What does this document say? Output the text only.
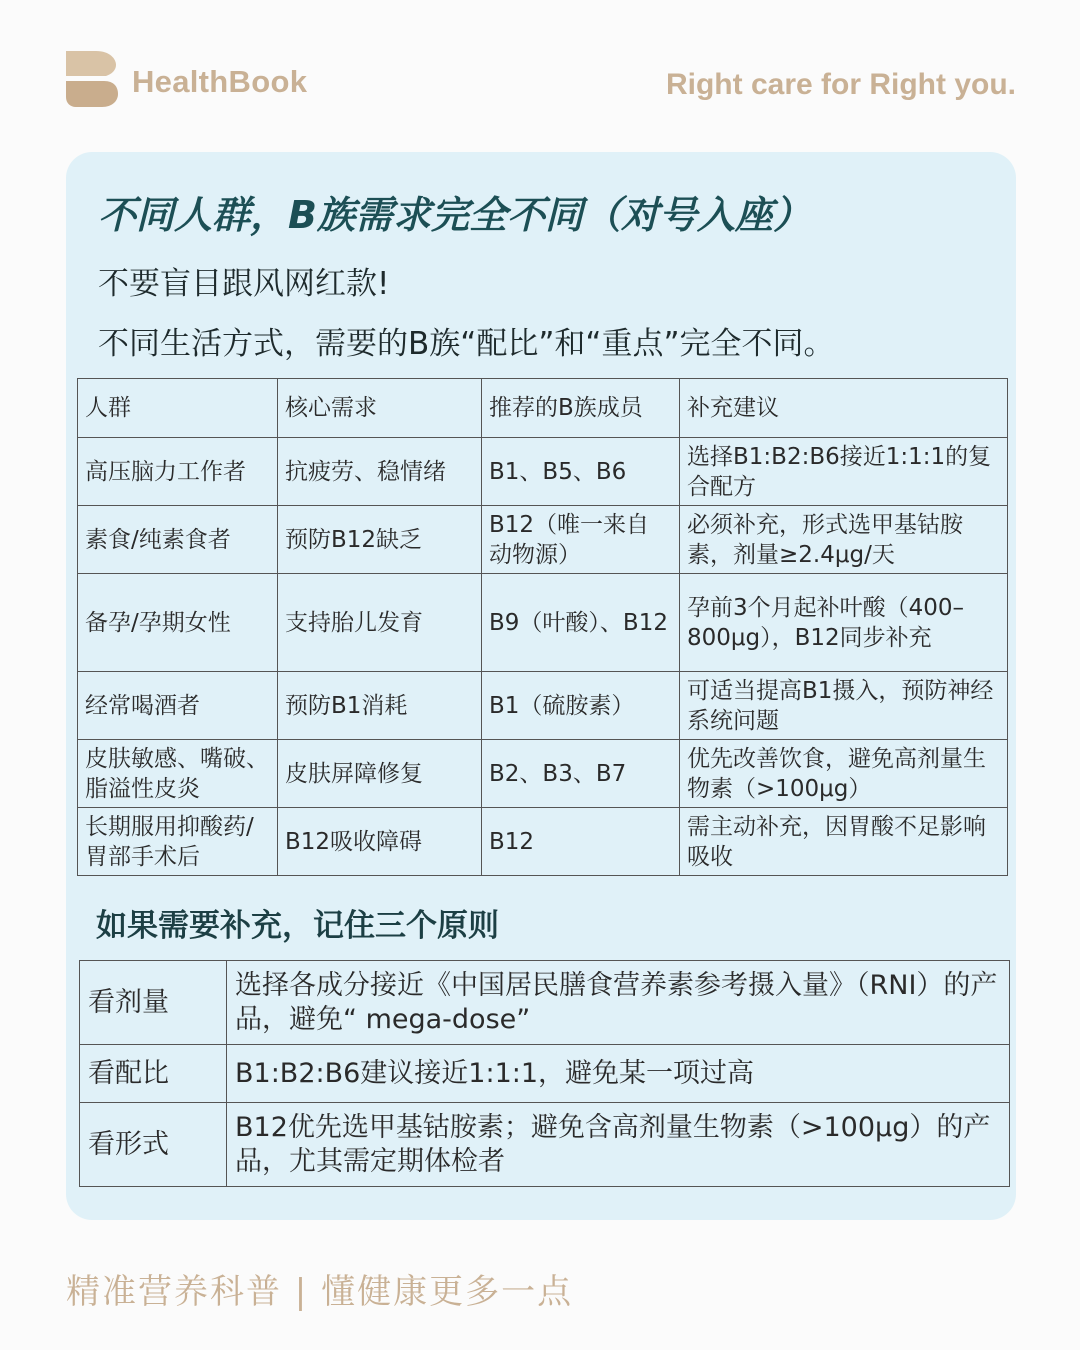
HealthBook	Right care for Right you.
不同人群，B族需求完全不同（对号入座）
不要盲目跟风网红款!
不同生活方式，需要的B族“配比”和“重点”完全不同。
人群	核心需求	推荐的B族成员	补充建议
高压脑力工作者	抗疲劳、稳情绪	B1、B5、B6	选择B1:B2:B6接近1:1:1的复合配方
素食/纯素食者	预防B12缺乏	B12（唯一来自动物源）	必须补充，形式选甲基钴胺素，剂量≥2.4μg/天
备孕/孕期女性	支持胎儿发育	B9（叶酸）、B12	孕前3个月起补叶酸（400–800μg），B12同步补充
经常喝酒者	预防B1消耗	B1（硫胺素）	可适当提高B1摄入，预防神经系统问题
皮肤敏感、嘴破、脂溢性皮炎	皮肤屏障修复	B2、B3、B7	优先改善饮食，避免高剂量生物素（>100μg）
长期服用抑酸药/胃部手术后	B12吸收障碍	B12	需主动补充，因胃酸不足影响吸收
如果需要补充，记住三个原则
看剂量	选择各成分接近《中国居民膳食营养素参考摄入量》（RNI）的产品，避免“ mega-dose”
看配比	B1:B2:B6建议接近1:1:1，避免某一项过高
看形式	B12优先选甲基钴胺素；避免含高剂量生物素（>100μg）的产品，尤其需定期体检者
精准营养科普 | 懂健康更多一点
